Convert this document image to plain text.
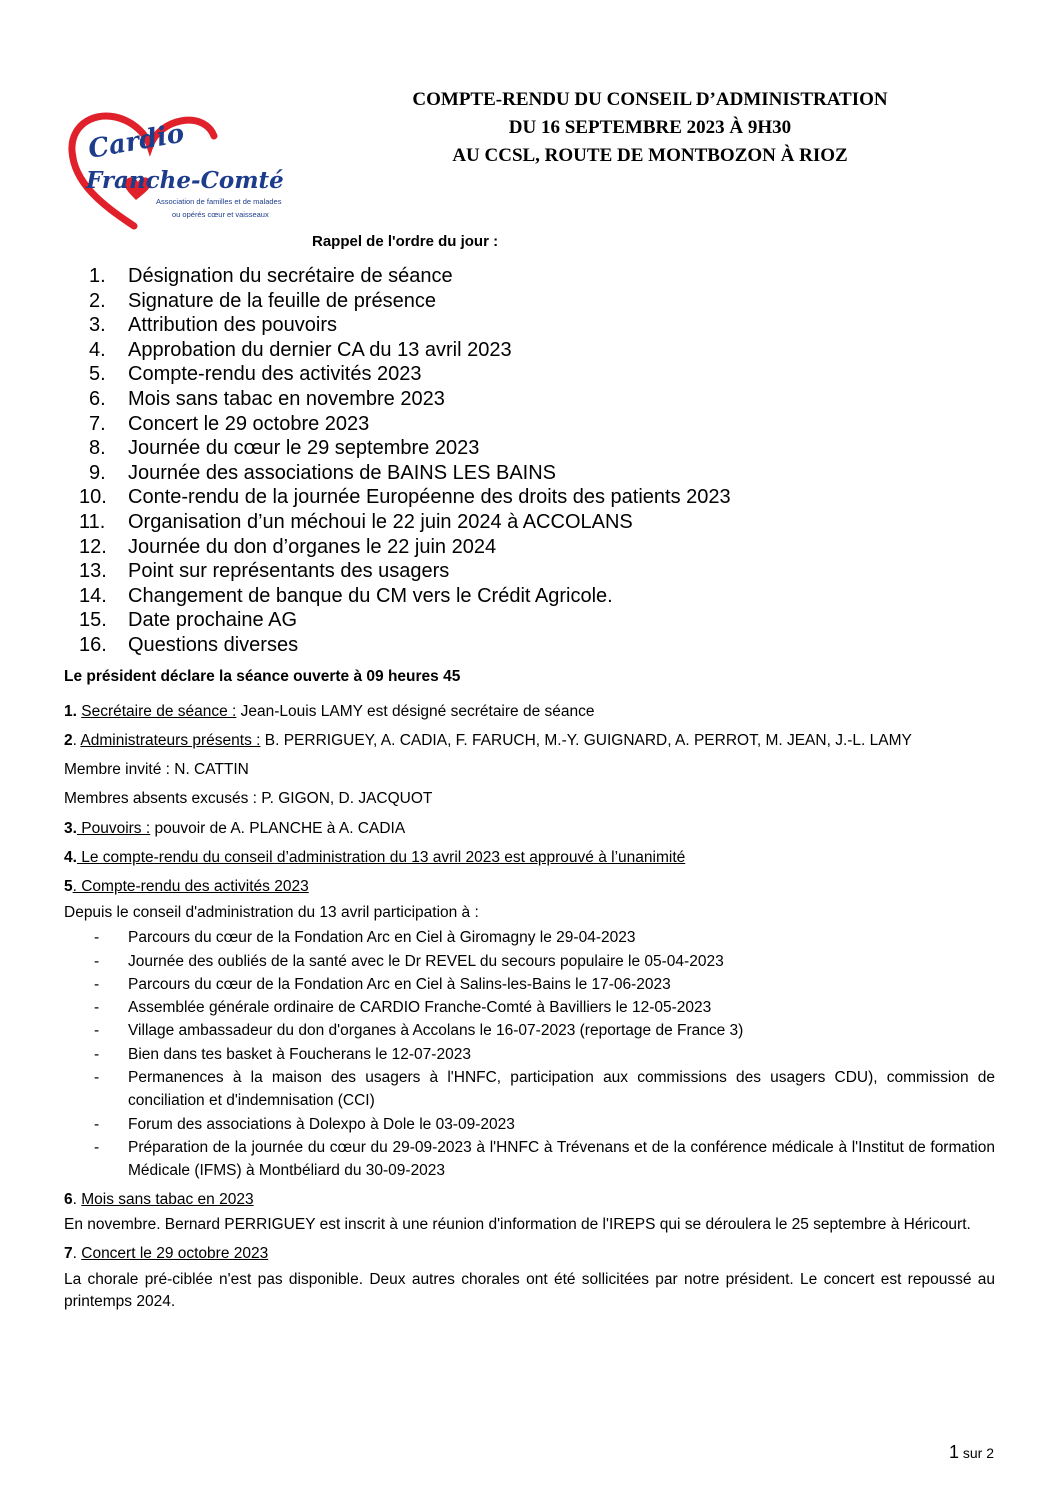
Cardio
Franche-Comté
Association de familles et de malades
ou opérés cœur et vaisseaux
COMPTE-RENDU DU CONSEIL D’ADMINISTRATION
DU 16 SEPTEMBRE 2023 À 9H30
AU CCSL, ROUTE DE MONTBOZON À RIOZ
Rappel de l'ordre du jour :
1. Désignation du secrétaire de séance
2. Signature de la feuille de présence
3. Attribution des pouvoirs
4. Approbation du dernier CA du 13 avril 2023
5. Compte-rendu des activités 2023
6. Mois sans tabac en novembre 2023
7. Concert le 29 octobre 2023
8. Journée du cœur le 29 septembre 2023
9. Journée des associations de BAINS LES BAINS
10. Conte-rendu de la journée Européenne des droits des patients 2023
11. Organisation d’un méchoui le 22 juin 2024 à ACCOLANS
12. Journée du don d’organes le 22 juin 2024
13. Point sur représentants des usagers
14. Changement de banque du CM vers le Crédit Agricole.
15. Date prochaine AG
16. Questions diverses

Le président déclare la séance ouverte à 09 heures 45

1. Secrétaire de séance : Jean-Louis LAMY est désigné secrétaire de séance

2. Administrateurs présents : B. PERRIGUEY, A. CADIA, F. FARUCH, M.-Y. GUIGNARD, A. PERROT, M. JEAN, J.-L. LAMY

Membre invité : N. CATTIN

Membres absents excusés : P. GIGON, D. JACQUOT

3. Pouvoirs : pouvoir de A. PLANCHE à A. CADIA

4. Le compte-rendu du conseil d’administration du 13 avril 2023 est approuvé à l’unanimité

5. Compte-rendu des activités 2023

Depuis le conseil d'administration du 13 avril participation à :

- Parcours du cœur de la Fondation Arc en Ciel à Giromagny le 29-04-2023
- Journée des oubliés de la santé avec le Dr REVEL du secours populaire le 05-04-2023
- Parcours du cœur de la Fondation Arc en Ciel à Salins-les-Bains le 17-06-2023
- Assemblée générale ordinaire de CARDIO Franche-Comté à Bavilliers le 12-05-2023
- Village ambassadeur du don d'organes à Accolans le 16-07-2023 (reportage de France 3)
- Bien dans tes basket à Foucherans le 12-07-2023
- Permanences à la maison des usagers à l'HNFC, participation aux commissions des usagers CDU), commission de conciliation et d'indemnisation (CCI)
- Forum des associations à Dolexpo à Dole le 03-09-2023
- Préparation de la journée du cœur du 29-09-2023 à l'HNFC à Trévenans et de la conférence médicale à l'Institut de formation Médicale (IFMS) à Montbéliard du 30-09-2023

6. Mois sans tabac en 2023

En novembre. Bernard PERRIGUEY est inscrit à une réunion d'information de l'IREPS qui se déroulera le 25 septembre à Héricourt.

7. Concert le 29 octobre 2023

La chorale pré-ciblée n'est pas disponible. Deux autres chorales ont été sollicitées par notre président. Le concert est repoussé au printemps 2024.

1 sur 2
